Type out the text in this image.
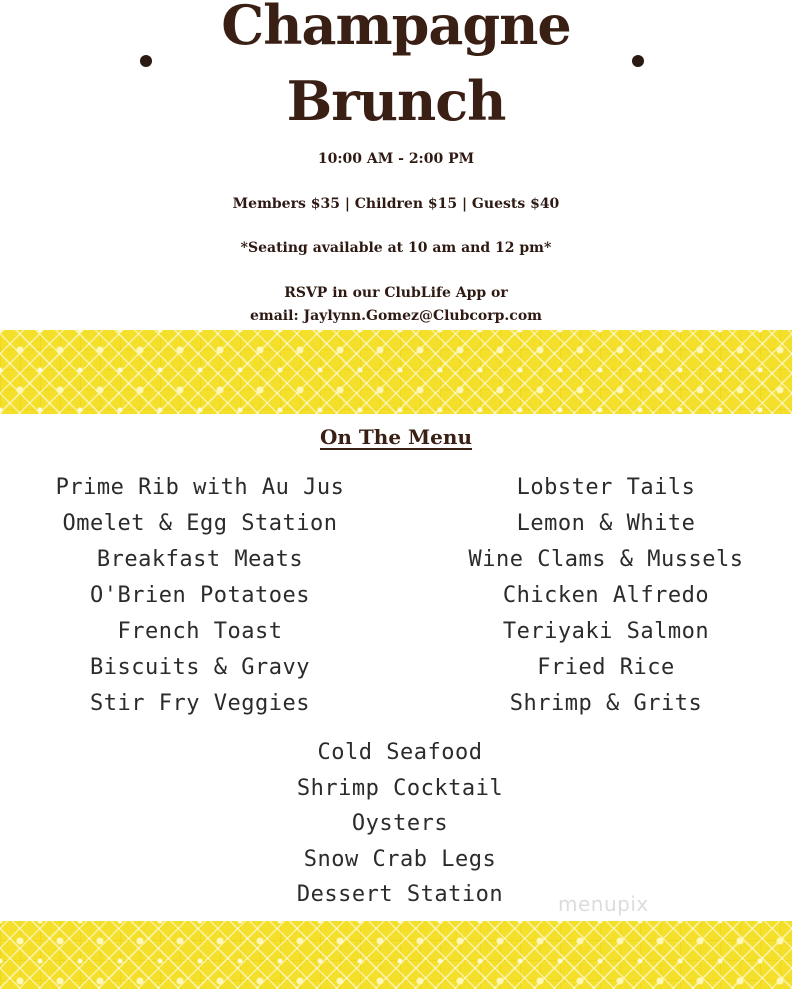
Champagne
Brunch
10:00 AM - 2:00 PM
Members $35 | Children $15 | Guests $40
*Seating available at 10 am and 12 pm*
RSVP in our ClubLife App or
email: Jaylynn.Gomez@Clubcorp.com
On The Menu
Prime Rib with Au Jus
Omelet & Egg Station
Breakfast Meats
O'Brien Potatoes
French Toast
Biscuits & Gravy
Stir Fry Veggies
Lobster Tails
Lemon & White
Wine Clams & Mussels
Chicken Alfredo
Teriyaki Salmon
Fried Rice
Shrimp & Grits
Cold Seafood
Shrimp Cocktail
Oysters
Snow Crab Legs
Dessert Station	menupix
